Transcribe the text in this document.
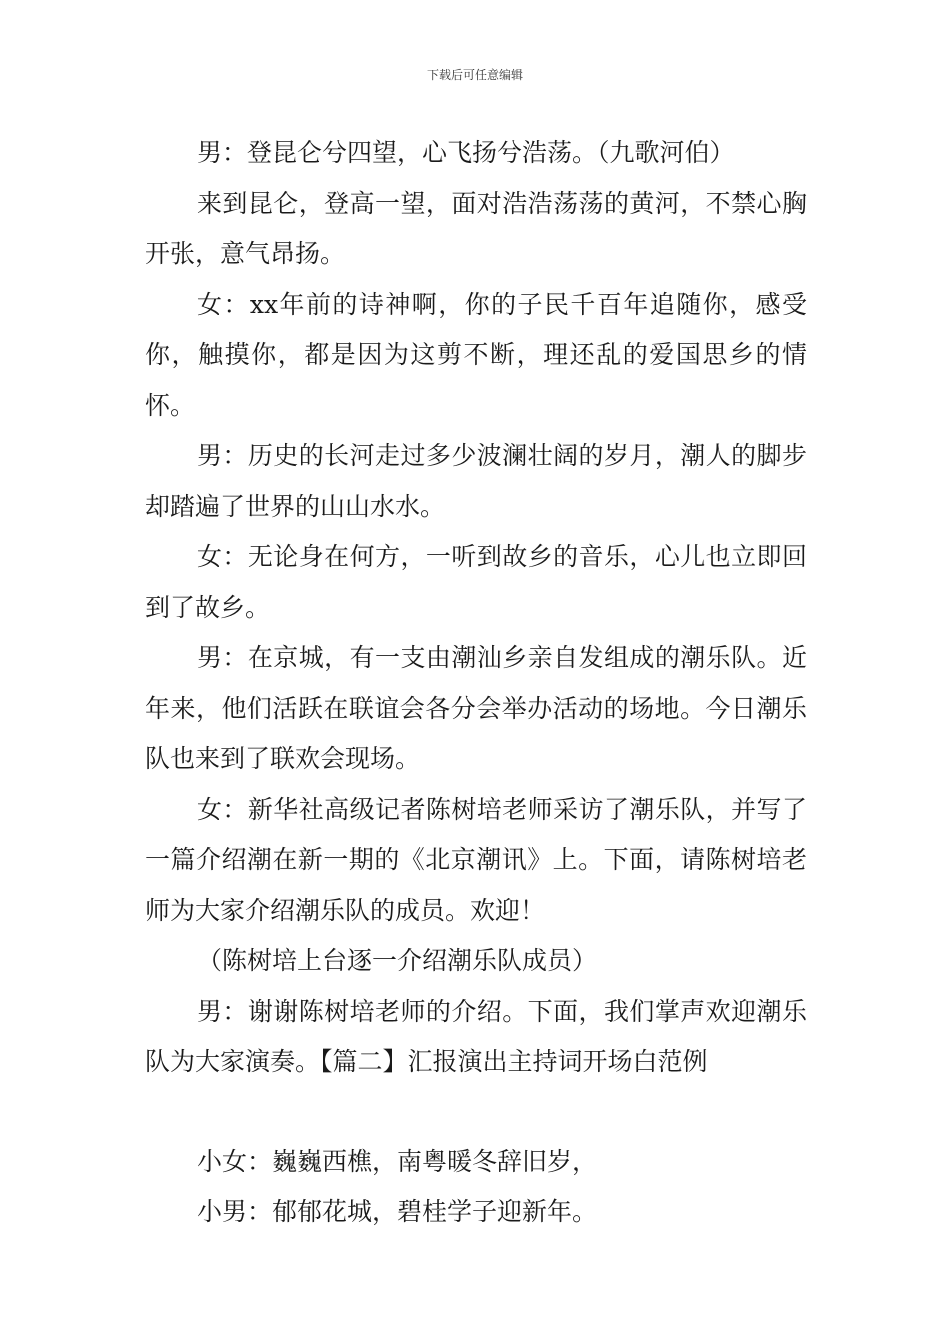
下载后可任意编辑

男：登昆仑兮四望，心飞扬兮浩荡。（九歌河伯）

来到昆仑，登高一望，面对浩浩荡荡的黄河，不禁心胸开张，意气昂扬。

女：xx年前的诗神啊，你的子民千百年追随你，感受你，触摸你，都是因为这剪不断，理还乱的爱国思乡的情怀。

男：历史的长河走过多少波澜壮阔的岁月，潮人的脚步却踏遍了世界的山山水水。

女：无论身在何方，一听到故乡的音乐，心儿也立即回到了故乡。

男：在京城，有一支由潮汕乡亲自发组成的潮乐队。近年来，他们活跃在联谊会各分会举办活动的场地。今日潮乐队也来到了联欢会现场。

女：新华社高级记者陈树培老师采访了潮乐队，并写了一篇介绍潮在新一期的《北京潮讯》上。下面，请陈树培老师为大家介绍潮乐队的成员。欢迎！

（陈树培上台逐一介绍潮乐队成员）

男：谢谢陈树培老师的介绍。下面，我们掌声欢迎潮乐队为大家演奏。【篇二】汇报演出主持词开场白范例

小女：巍巍西樵，南粤暖冬辞旧岁，

小男：郁郁花城，碧桂学子迎新年。
